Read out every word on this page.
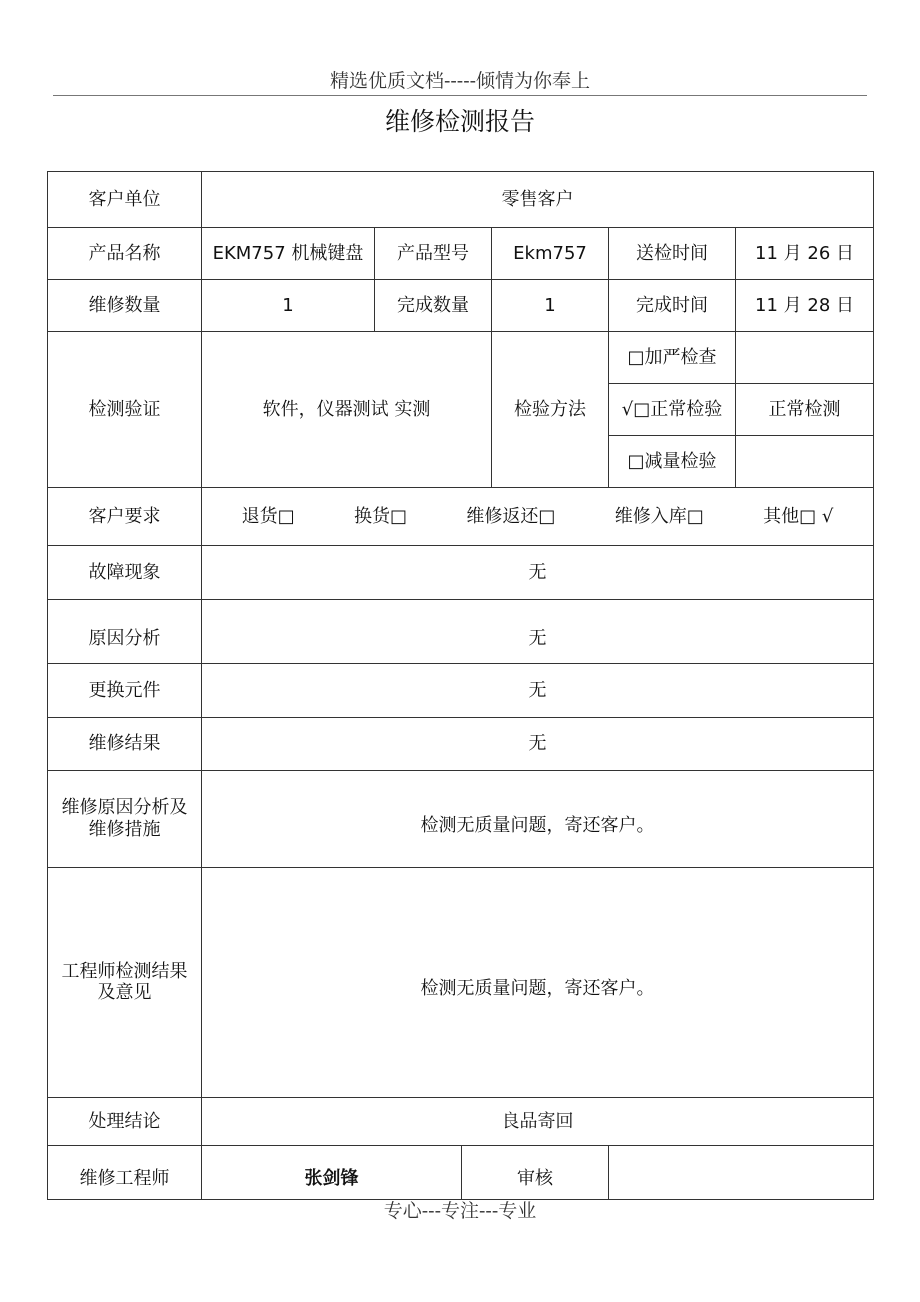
精选优质文档-----倾情为你奉上
维修检测报告
客户单位	零售客户					
产品名称	EKM757 机械键盘	产品型号		Ekm757	送检时间	11 月 26 日
维修数量	1	完成数量		1	完成时间	11 月 28 日
检测验证	软件，仪器测试 实测			检验方法	□加严检查	
					√□正常检验	正常检测
					□减量检验	
客户要求	退货□ 换货□ 维修返还□ 维修入库□ 其他□ √					

故障现象	无					
原因分析	无					
更换元件	无					
维修结果	无					

维修原因分析及
维修措施	检测无质量问题，寄还客户。					

工程师检测结果
及意见	检测无质量问题，寄还客户。					
处理结论	良品寄回					
维修工程师	张剑锋		审核			
专心---专注---专业
